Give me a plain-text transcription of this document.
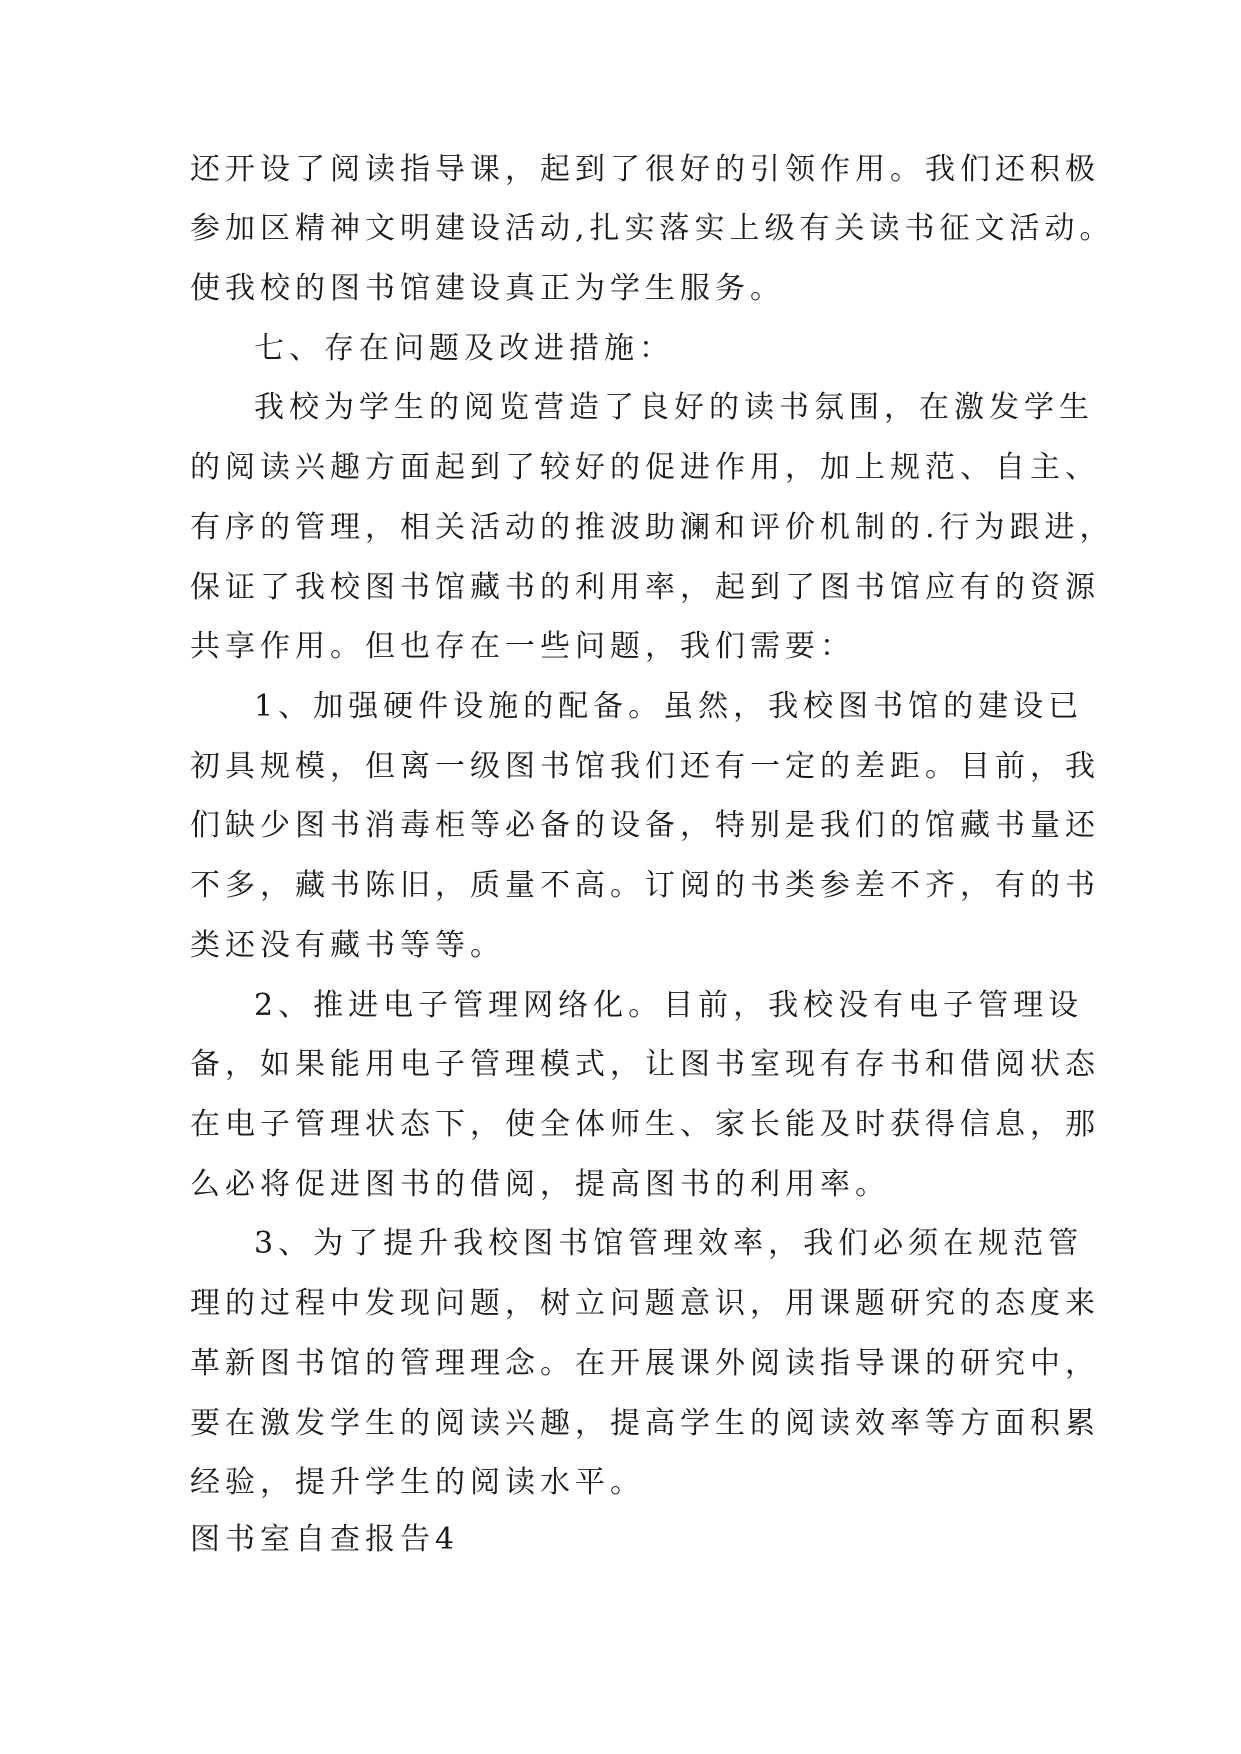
还开设了阅读指导课，起到了很好的引领作用。我们还积极

参加区精神文明建设活动,扎实落实上级有关读书征文活动。

使我校的图书馆建设真正为学生服务。

七、存在问题及改进措施：

我校为学生的阅览营造了良好的读书氛围，在激发学生

的阅读兴趣方面起到了较好的促进作用，加上规范、自主、

有序的管理，相关活动的推波助澜和评价机制的.行为跟进，

保证了我校图书馆藏书的利用率，起到了图书馆应有的资源

共享作用。但也存在一些问题，我们需要：

1、加强硬件设施的配备。虽然，我校图书馆的建设已

初具规模，但离一级图书馆我们还有一定的差距。目前，我

们缺少图书消毒柜等必备的设备，特别是我们的馆藏书量还

不多，藏书陈旧，质量不高。订阅的书类参差不齐，有的书

类还没有藏书等等。

2、推进电子管理网络化。目前，我校没有电子管理设

备，如果能用电子管理模式，让图书室现有存书和借阅状态

在电子管理状态下，使全体师生、家长能及时获得信息，那

么必将促进图书的借阅，提高图书的利用率。

3、为了提升我校图书馆管理效率，我们必须在规范管

理的过程中发现问题，树立问题意识，用课题研究的态度来

革新图书馆的管理理念。在开展课外阅读指导课的研究中，

要在激发学生的阅读兴趣，提高学生的阅读效率等方面积累

经验，提升学生的阅读水平。

图书室自查报告4
